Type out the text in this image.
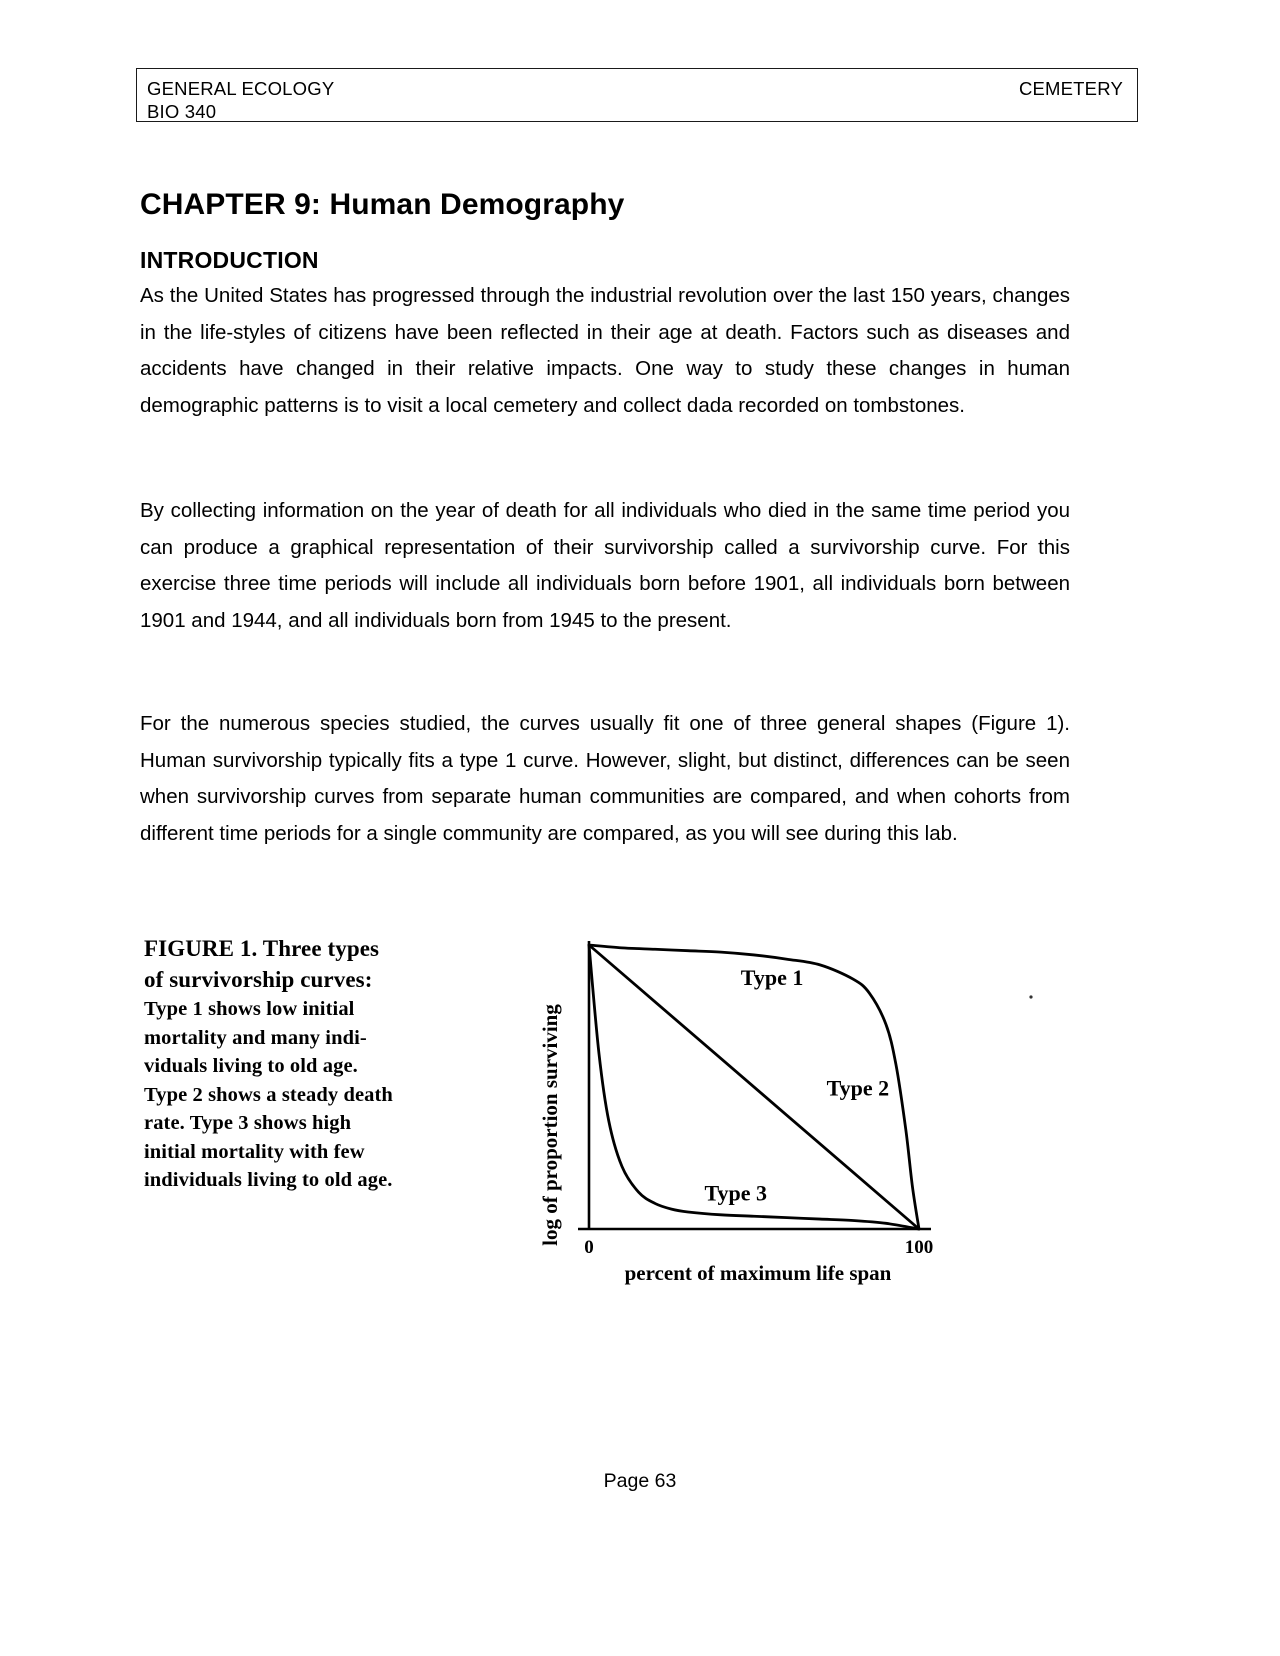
GENERAL ECOLOGY
BIO 340
CEMETERY
CHAPTER 9: Human Demography
INTRODUCTION

As the United States has progressed through the industrial revolution over the last 150 years, changes in the life-styles of citizens have been reflected in their age at death. Factors such as diseases and accidents have changed in their relative impacts. One way to study these changes in human demographic patterns is to visit a local cemetery and collect dada recorded on tombstones.

By collecting information on the year of death for all individuals who died in the same time period you can produce a graphical representation of their survivorship called a survivorship curve. For this exercise three time periods will include all individuals born before 1901, all individuals born between 1901 and 1944, and all individuals born from 1945 to the present.

For the numerous species studied, the curves usually fit one of three general shapes (Figure 1). Human survivorship typically fits a type 1 curve. However, slight, but distinct, differences can be seen when survivorship curves from separate human communities are compared, and when cohorts from different time periods for a single community are compared, as you will see during this lab.

FIGURE 1. Three types
of survivorship curves:
Type 1 shows low initial
mortality and many indi-
viduals living to old age.
Type 2 shows a steady death
rate. Type 3 shows high
initial mortality with few
individuals living to old age.	log of proportion surviving
Type 1
Type 2
Type 3
0	100
percent of maximum life span
Page 63
